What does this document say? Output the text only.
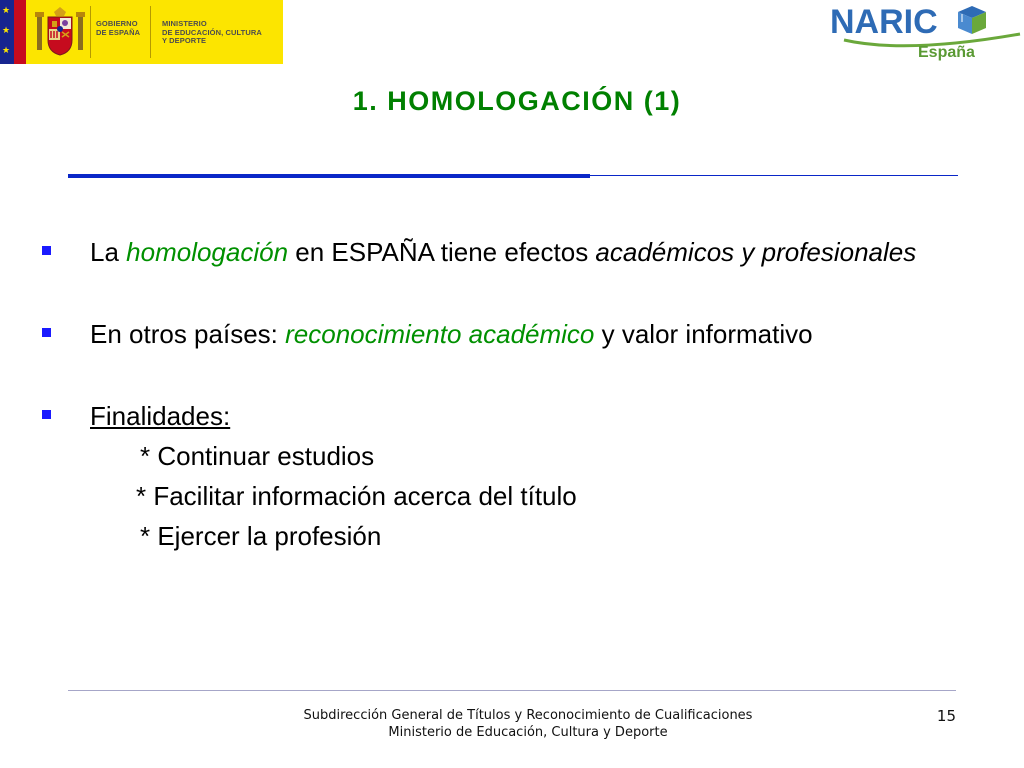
★
★
★
GOBIERNO
DE ESPAÑA
MINISTERIO
DE EDUCACIÓN, CULTURA
Y DEPORTE	NARIC
España
1. HOMOLOGACIÓN (1)
La homologación en ESPAÑA tiene efectos académicos y profesionales
En otros países: reconocimiento académico y valor informativo
Finalidades:
* Continuar estudios
* Facilitar información acerca del título
* Ejercer la profesión
Subdirección General de Títulos y Reconocimiento de Cualificaciones
Ministerio de Educación, Cultura y Deporte
15
